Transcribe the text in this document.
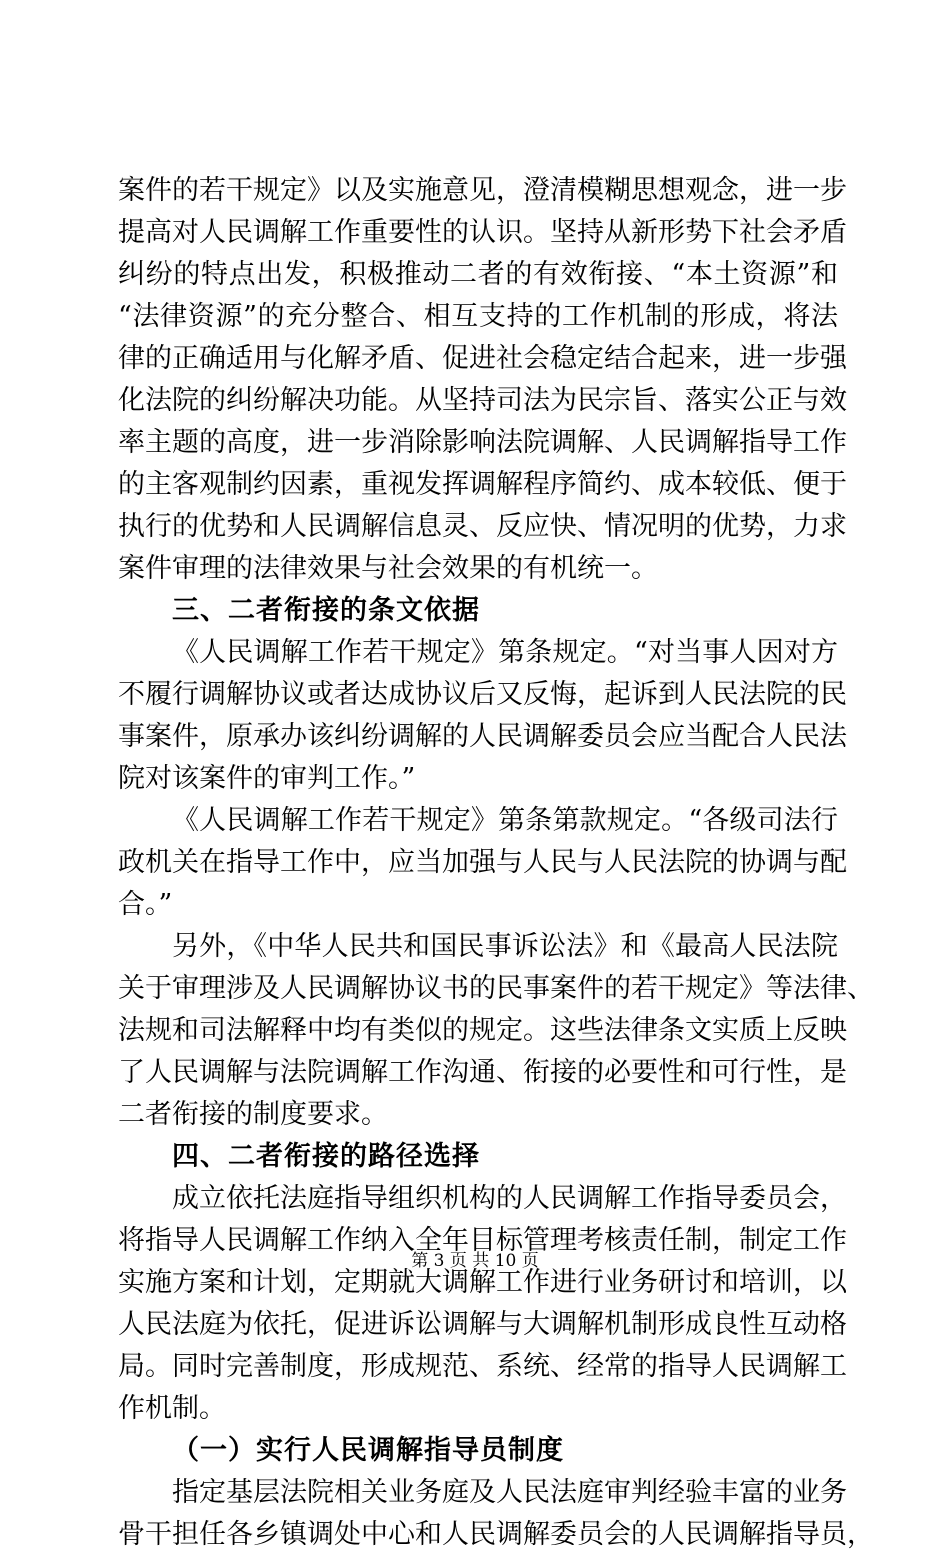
案件的若干规定》以及实施意见，澄清模糊思想观念，进一步
提高对人民调解工作重要性的认识。坚持从新形势下社会矛盾
纠纷的特点出发，积极推动二者的有效衔接、“本土资源”和
“法律资源”的充分整合、相互支持的工作机制的形成，将法
律的正确适用与化解矛盾、促进社会稳定结合起来，进一步强
化法院的纠纷解决功能。从坚持司法为民宗旨、落实公正与效
率主题的高度，进一步消除影响法院调解、人民调解指导工作
的主客观制约因素，重视发挥调解程序简约、成本较低、便于
执行的优势和人民调解信息灵、反应快、情况明的优势，力求
案件审理的法律效果与社会效果的有机统一。
三、二者衔接的条文依据
《人民调解工作若干规定》第条规定。“对当事人因对方
不履行调解协议或者达成协议后又反悔，起诉到人民法院的民
事案件，原承办该纠纷调解的人民调解委员会应当配合人民法
院对该案件的审判工作。”
《人民调解工作若干规定》第条第款规定。“各级司法行
政机关在指导工作中，应当加强与人民与人民法院的协调与配
合。”
另外，《中华人民共和国民事诉讼法》和《最高人民法院
关于审理涉及人民调解协议书的民事案件的若干规定》等法律、
法规和司法解释中均有类似的规定。这些法律条文实质上反映
了人民调解与法院调解工作沟通、衔接的必要性和可行性，是
二者衔接的制度要求。
四、二者衔接的路径选择
成立依托法庭指导组织机构的人民调解工作指导委员会，
将指导人民调解工作纳入全年目标管理考核责任制，制定工作
实施方案和计划，定期就大调解工作进行业务研讨和培训，以
人民法庭为依托，促进诉讼调解与大调解机制形成良性互动格
局。同时完善制度，形成规范、系统、经常的指导人民调解工
作机制。
（一）实行人民调解指导员制度
指定基层法院相关业务庭及人民法庭审判经验丰富的业务
骨干担任各乡镇调处中心和人民调解委员会的人民调解指导员，
第 3 页 共 10 页
